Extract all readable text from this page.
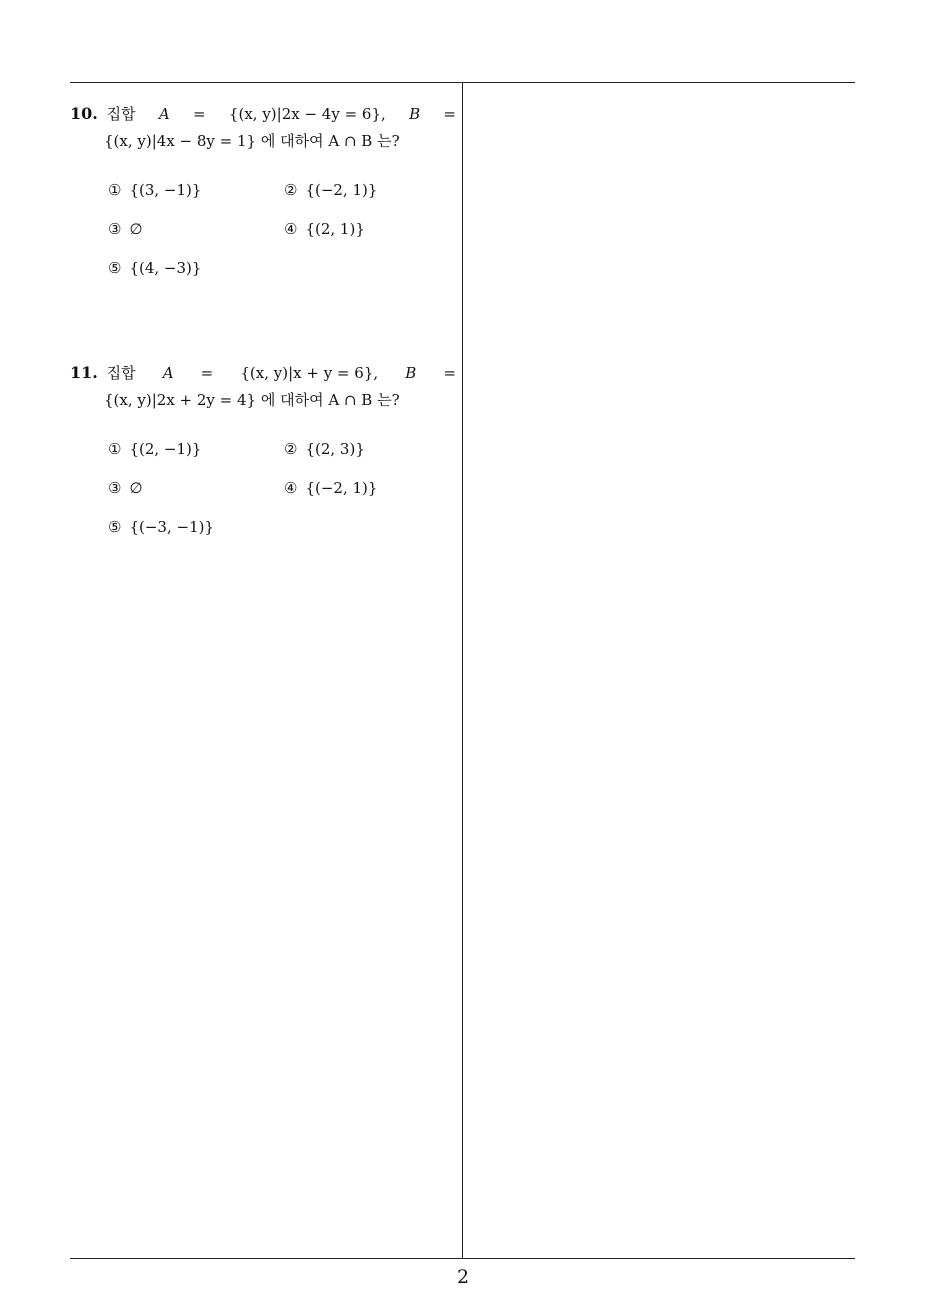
10. 집합 A = {(x, y)|2x − 4y = 6}, B =
{(x, y)|4x − 8y = 1} 에 대하여 A ∩ B 는?
① {(3, −1)}	② {(−2, 1)}
③ ∅	④ {(2, 1)}
⑤ {(4, −3)}
11. 집합 A = {(x, y)|x + y = 6}, B =
{(x, y)|2x + 2y = 4} 에 대하여 A ∩ B 는?
① {(2, −1)}	② {(2, 3)}
③ ∅	④ {(−2, 1)}
⑤ {(−3, −1)}
2
